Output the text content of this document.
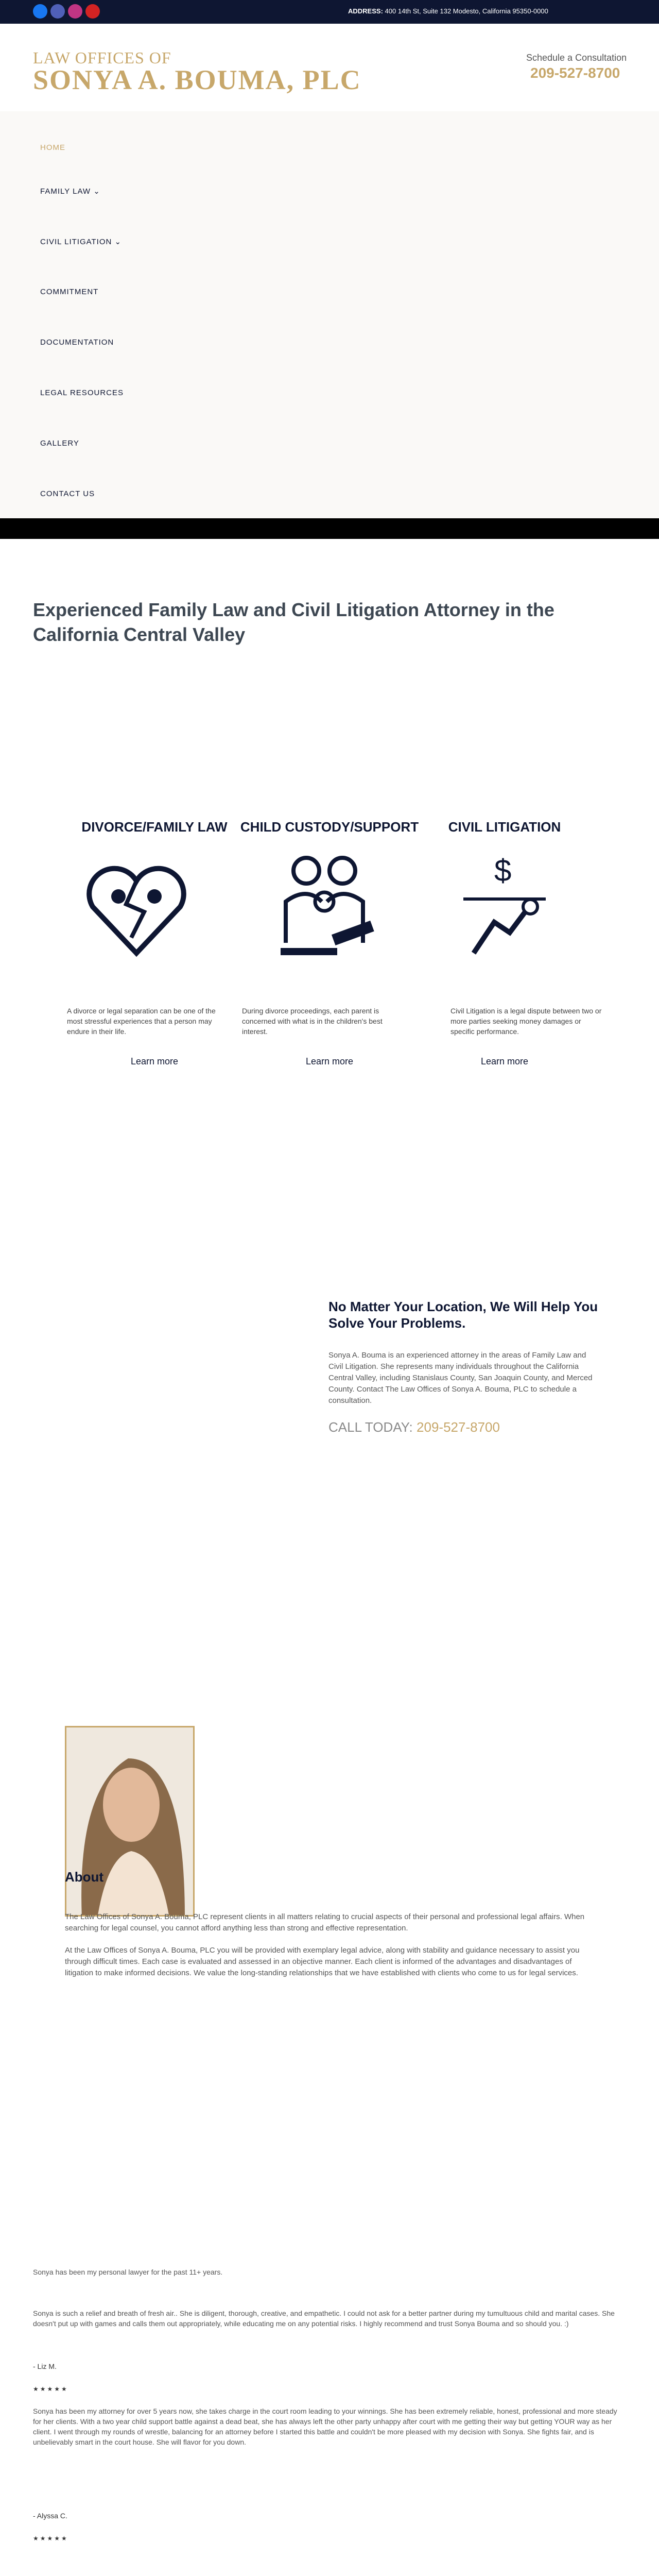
ADDRESS: 400 14th St, Suite 132 Modesto, California 95350-0000
LAW OFFICES OF
SONYA A. BOUMA, PLC
Schedule a Consultation
209-527-8700
HOME
FAMILY LAW ⌄
CIVIL LITIGATION ⌄
COMMITMENT
DOCUMENTATION
LEGAL RESOURCES
GALLERY
CONTACT US
Experienced Family Law and Civil Litigation Attorney in the California Central Valley
DIVORCE/FAMILY LAW CHILD CUSTODY/SUPPORT	CIVIL LITIGATION
$
A divorce or legal separation can be one of the most stressful experiences that a person may endure in their life.
During divorce proceedings, each parent is concerned with what is in the children's best interest.
Civil Litigation is a legal dispute between two or more parties seeking money damages or specific performance.
Learn more	Learn more	Learn more
No Matter Your Location, We Will Help You Solve Your Problems.
Sonya A. Bouma is an experienced attorney in the areas of Family Law and Civil Litigation. She represents many individuals throughout the California Central Valley, including Stanislaus County, San Joaquin County, and Merced County. Contact The Law Offices of Sonya A. Bouma, PLC to schedule a consultation.
CALL TODAY: 209-527-8700
About
The Law Offices of Sonya A. Bouma, PLC represent clients in all matters relating to crucial aspects of their personal and professional legal affairs. When searching for legal counsel, you cannot afford anything less than strong and effective representation.
At the Law Offices of Sonya A. Bouma, PLC you will be provided with exemplary legal advice, along with stability and guidance necessary to assist you through difficult times. Each case is evaluated and assessed in an objective manner. Each client is informed of the advantages and disadvantages of litigation to make informed decisions. We value the long-standing relationships that we have established with clients who come to us for legal services.
Sonya has been my personal lawyer for the past 11+ years.
Sonya is such a relief and breath of fresh air.. She is diligent, thorough, creative, and empathetic. I could not ask for a better partner during my tumultuous child and marital cases. She doesn't put up with games and calls them out appropriately, while educating me on any potential risks. I highly recommend and trust Sonya Bouma and so should you. :)
- Liz M.
★★★★★
Sonya has been my attorney for over 5 years now, she takes charge in the court room leading to your winnings. She has been extremely reliable, honest, professional and more steady for her clients. With a two year child support battle against a dead beat, she has always left the other party unhappy after court with me getting their way but getting YOUR way as her client. I went through my rounds of wrestle, balancing for an attorney before I started this battle and couldn't be more pleased with my decision with Sonya. She fights fair, and is unbelievably smart in the court house. She will flavor for you down.
- Alyssa C.
★★★★★
